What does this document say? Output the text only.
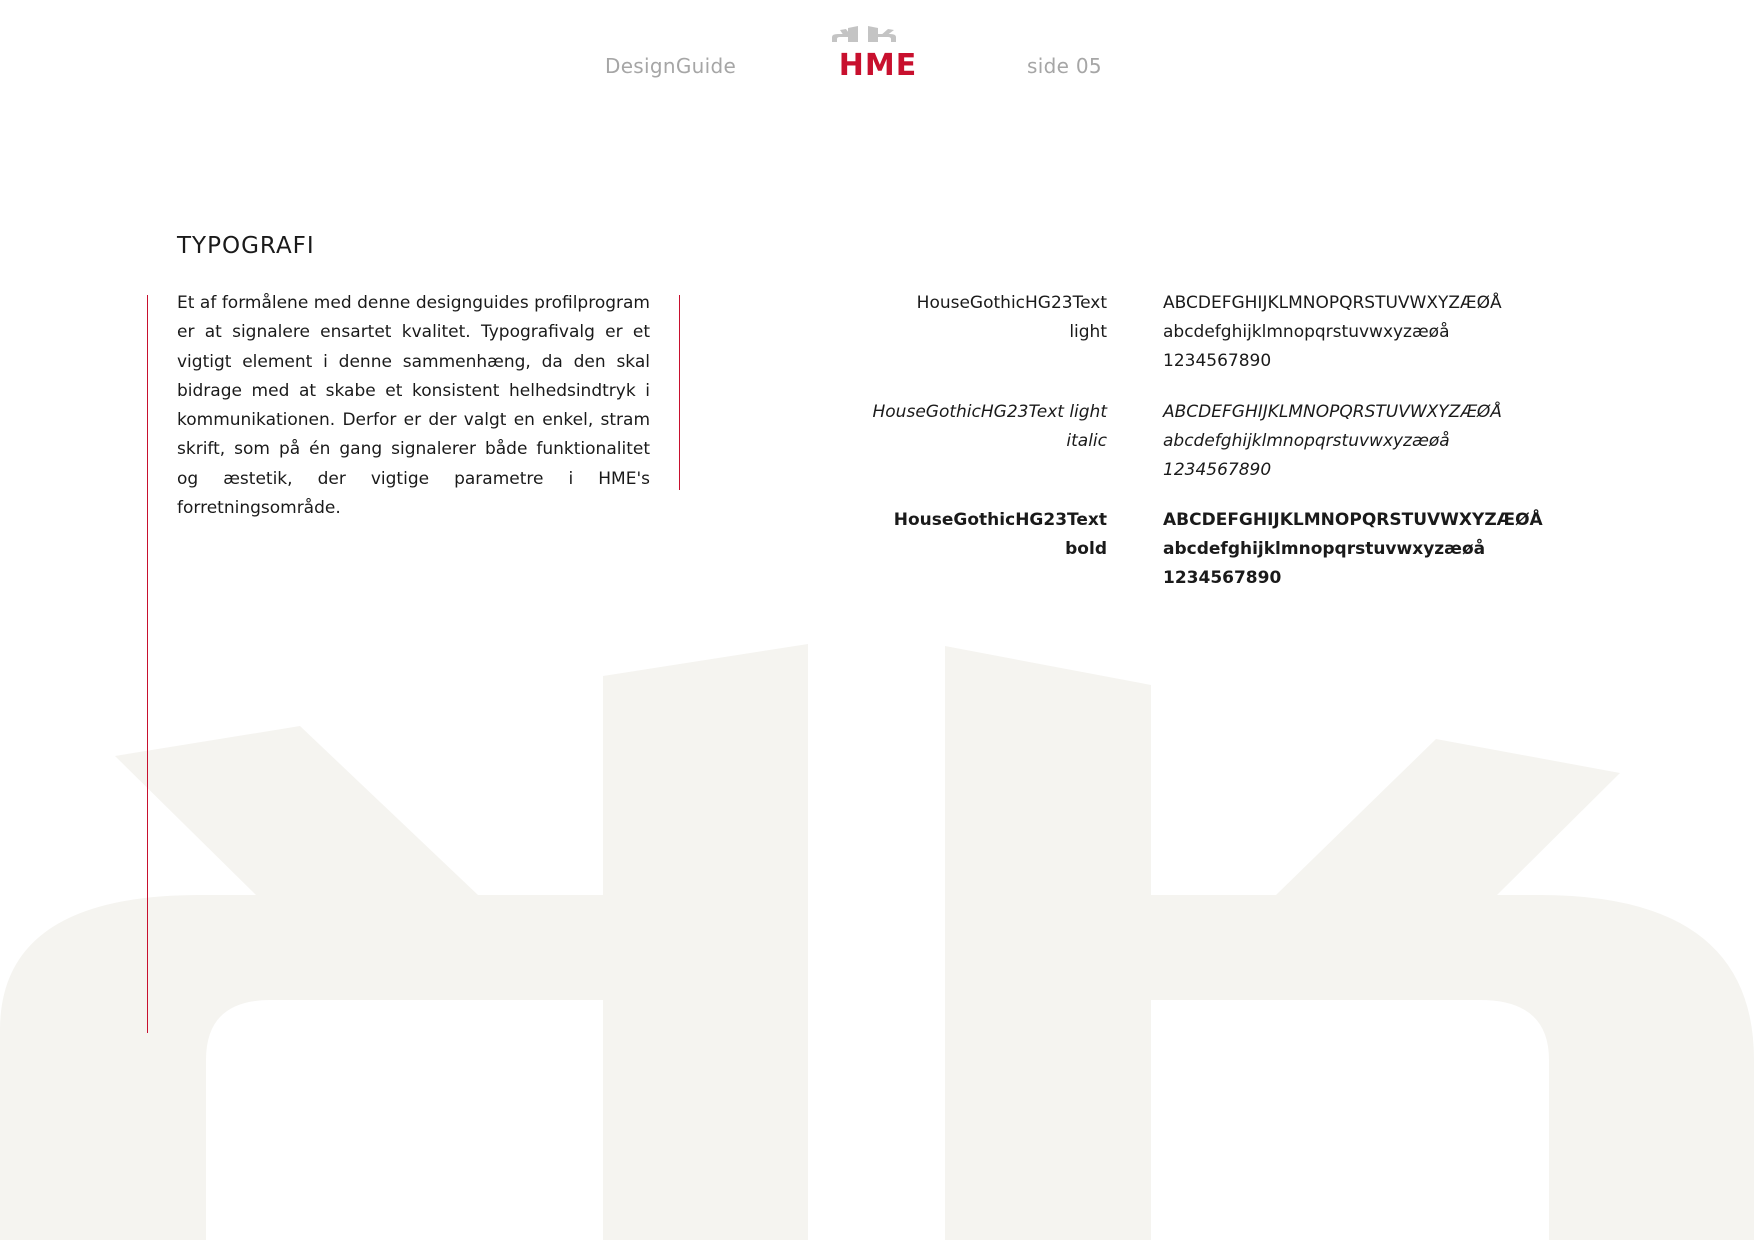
DesignGuide	HME	side 05
TYPOGRAFI
Et af formålene med denne designguides profilprogram er at signalere ensartet kvalitet. Typografivalg er et vigtigt element i denne sammenhæng, da den skal bidrage med at skabe et konsistent helhedsindtryk i kommunikationen. Derfor er der valgt en enkel, stram skrift, som på én gang signalerer både funktionalitet og æstetik, der vigtige parametre i HME's forretningsområde.
HouseGothicHG23Text
light
ABCDEFGHIJKLMNOPQRSTUVWXYZÆØÅ
abcdefghijklmnopqrstuvwxyzæøå
1234567890
HouseGothicHG23Text light
italic
ABCDEFGHIJKLMNOPQRSTUVWXYZÆØÅ
abcdefghijklmnopqrstuvwxyzæøå
1234567890
HouseGothicHG23Text
bold
ABCDEFGHIJKLMNOPQRSTUVWXYZÆØÅ
abcdefghijklmnopqrstuvwxyzæøå
1234567890
